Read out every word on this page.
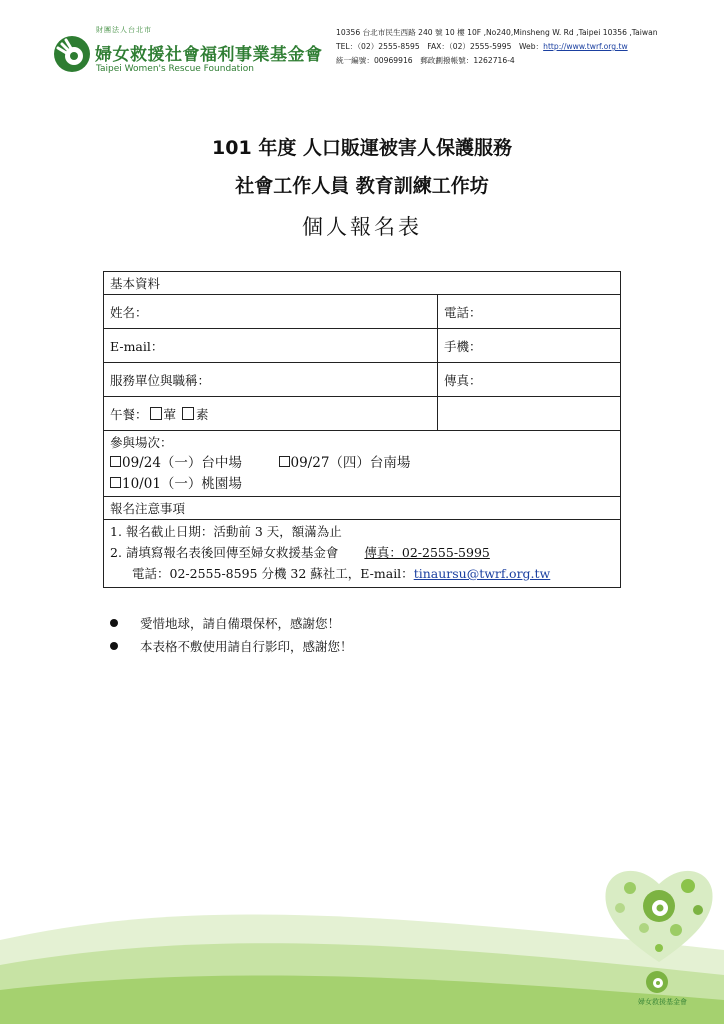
財團法人台北市
婦女救援社會福利事業基金會
Taipei Women's Rescue Foundation
10356 台北市民生西路 240 號 10 樓 10F ,No240,Minsheng W. Rd ,Taipei 10356 ,Taiwan
TEL：（02）2555-8595　FAX：（02）2555-5995　Web：http://www.twrf.org.tw
統一編號：00969916　郵政劃撥帳號：1262716-4
101 年度 人口販運被害人保護服務
社會工作人員 教育訓練工作坊
個人報名表
基本資料	
姓名：	電話：
E-mail：	手機：
服務單位與職稱：	傳真：
午餐： 葷 素	

參與場次：
09/24（一）台中場 09/27（四）台南場
10/01（一）桃園場	

報名注意事項	

1. 報名截止日期：活動前 3 天，額滿為止
2. 請填寫報名表後回傳至婦女救援基金會 傳真：02-2555-5995
電話：02-2555-8595 分機 32 蘇社工，E-mail：tinaursu@twrf.org.tw	
愛惜地球，請自備環保杯，感謝您！
本表格不敷使用請自行影印，感謝您！
婦女救援基金會
